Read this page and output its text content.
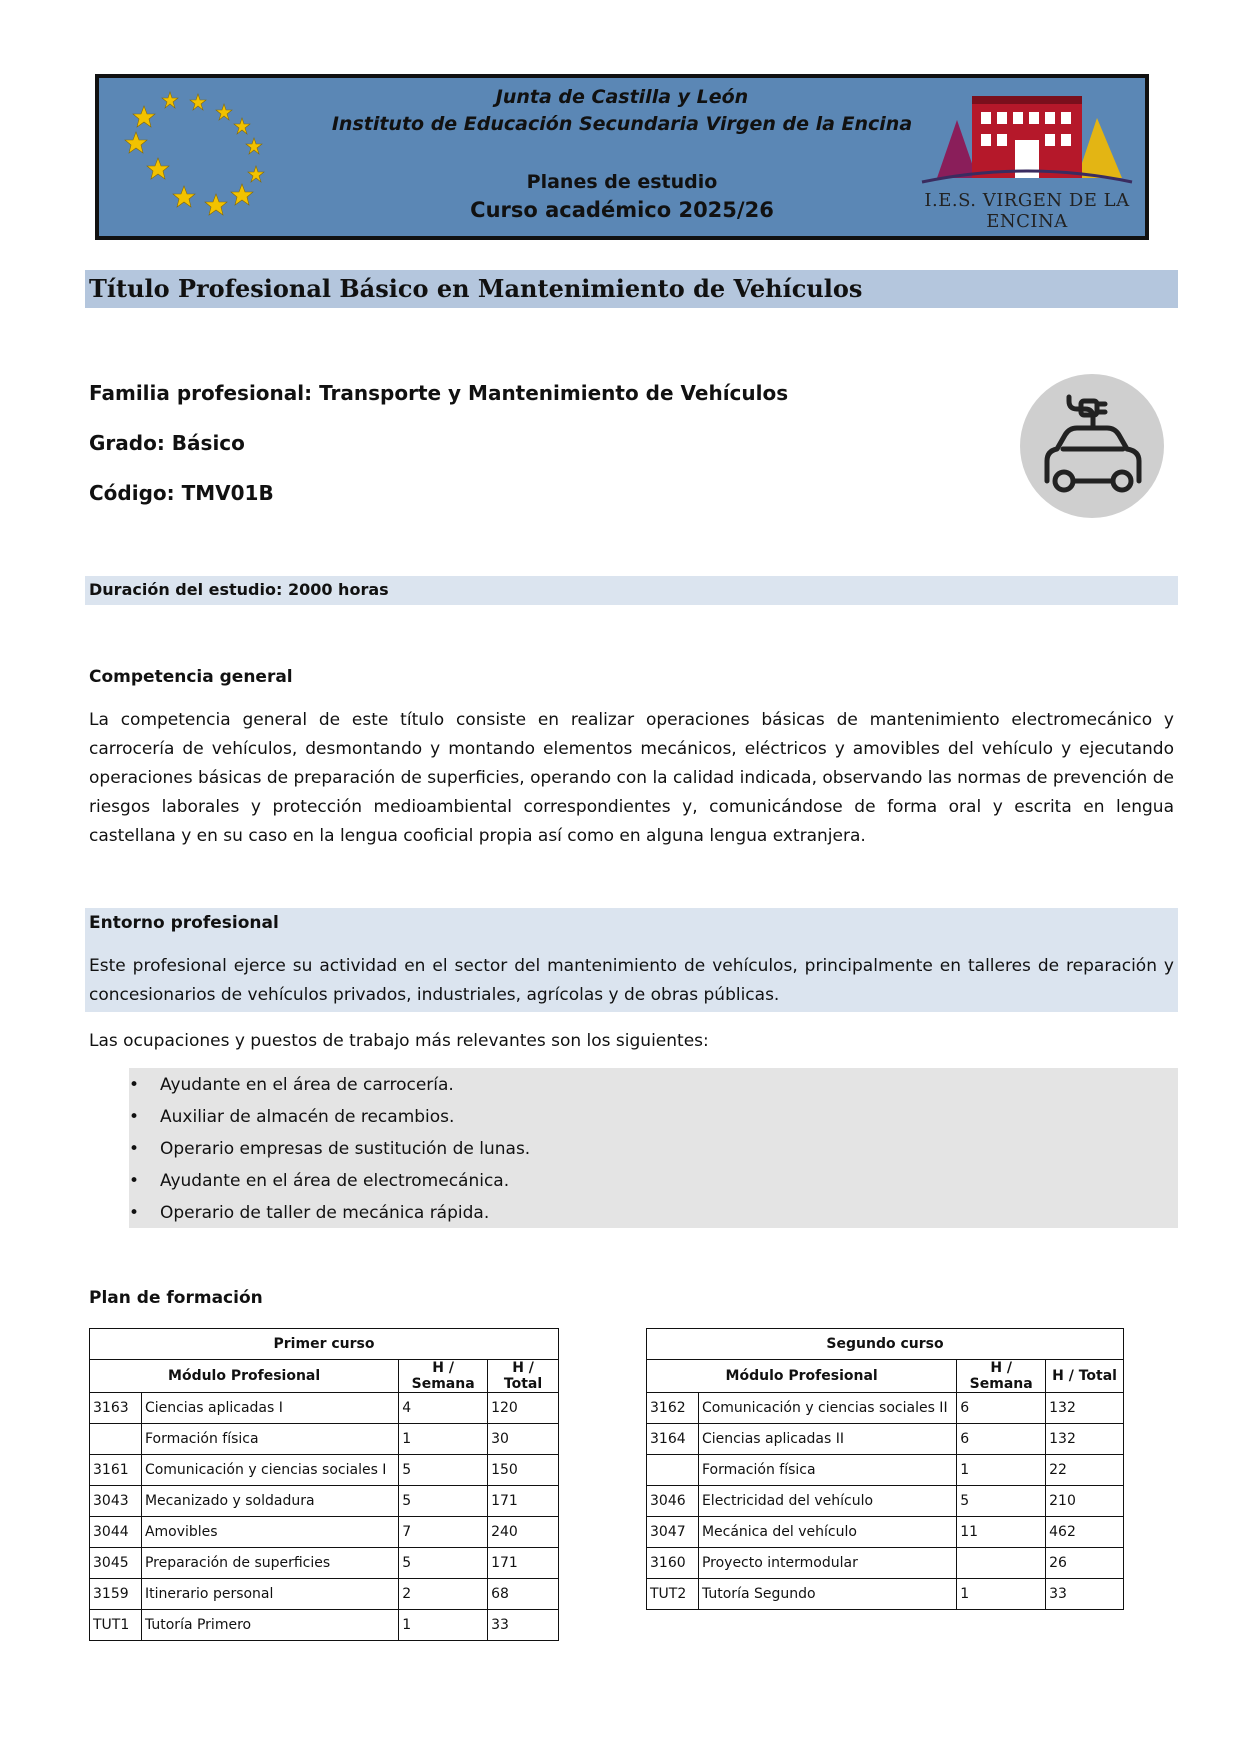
Junta de Castilla y León
Instituto de Educación Secundaria Virgen de la Encina
Planes de estudio
Curso académico 2025/26	I.E.S. VIRGEN DE LA ENCINA
Título Profesional Básico en Mantenimiento de Vehículos
Familia profesional: Transporte y Mantenimiento de Vehículos
Grado: Básico
Código: TMV01B
Duración del estudio: 2000 horas
Competencia general
La competencia general de este título consiste en realizar operaciones básicas de mantenimiento electromecánico y carrocería de vehículos, desmontando y montando elementos mecánicos, eléctricos y amovibles del vehículo y ejecutando operaciones básicas de preparación de superficies, operando con la calidad indicada, observando las normas de prevención de riesgos laborales y protección medioambiental correspondientes y, comunicándose de forma oral y escrita en lengua castellana y en su caso en la lengua cooficial propia así como en alguna lengua extranjera.
Entorno profesional
Este profesional ejerce su actividad en el sector del mantenimiento de vehículos, principalmente en talleres de reparación y concesionarios de vehículos privados, industriales, agrícolas y de obras públicas.
Las ocupaciones y puestos de trabajo más relevantes son los siguientes:
• Ayudante en el área de carrocería.
• Auxiliar de almacén de recambios.
• Operario empresas de sustitución de lunas.
• Ayudante en el área de electromecánica.
• Operario de taller de mecánica rápida.
Plan de formación
Primer curso			
Módulo Profesional		H / Semana	H / Total
3163	Ciencias aplicadas I	4	120
	Formación física	1	30
3161	Comunicación y ciencias sociales I	5	150
3043	Mecanizado y soldadura	5	171
3044	Amovibles	7	240
3045	Preparación de superficies	5	171
3159	Itinerario personal	2	68
TUT1	Tutoría Primero	1	33
Segundo curso			
Módulo Profesional		H / Semana	H / Total
3162	Comunicación y ciencias sociales II	6	132
3164	Ciencias aplicadas II	6	132
	Formación física	1	22
3046	Electricidad del vehículo	5	210
3047	Mecánica del vehículo	11	462
3160	Proyecto intermodular		26
TUT2	Tutoría Segundo	1	33
